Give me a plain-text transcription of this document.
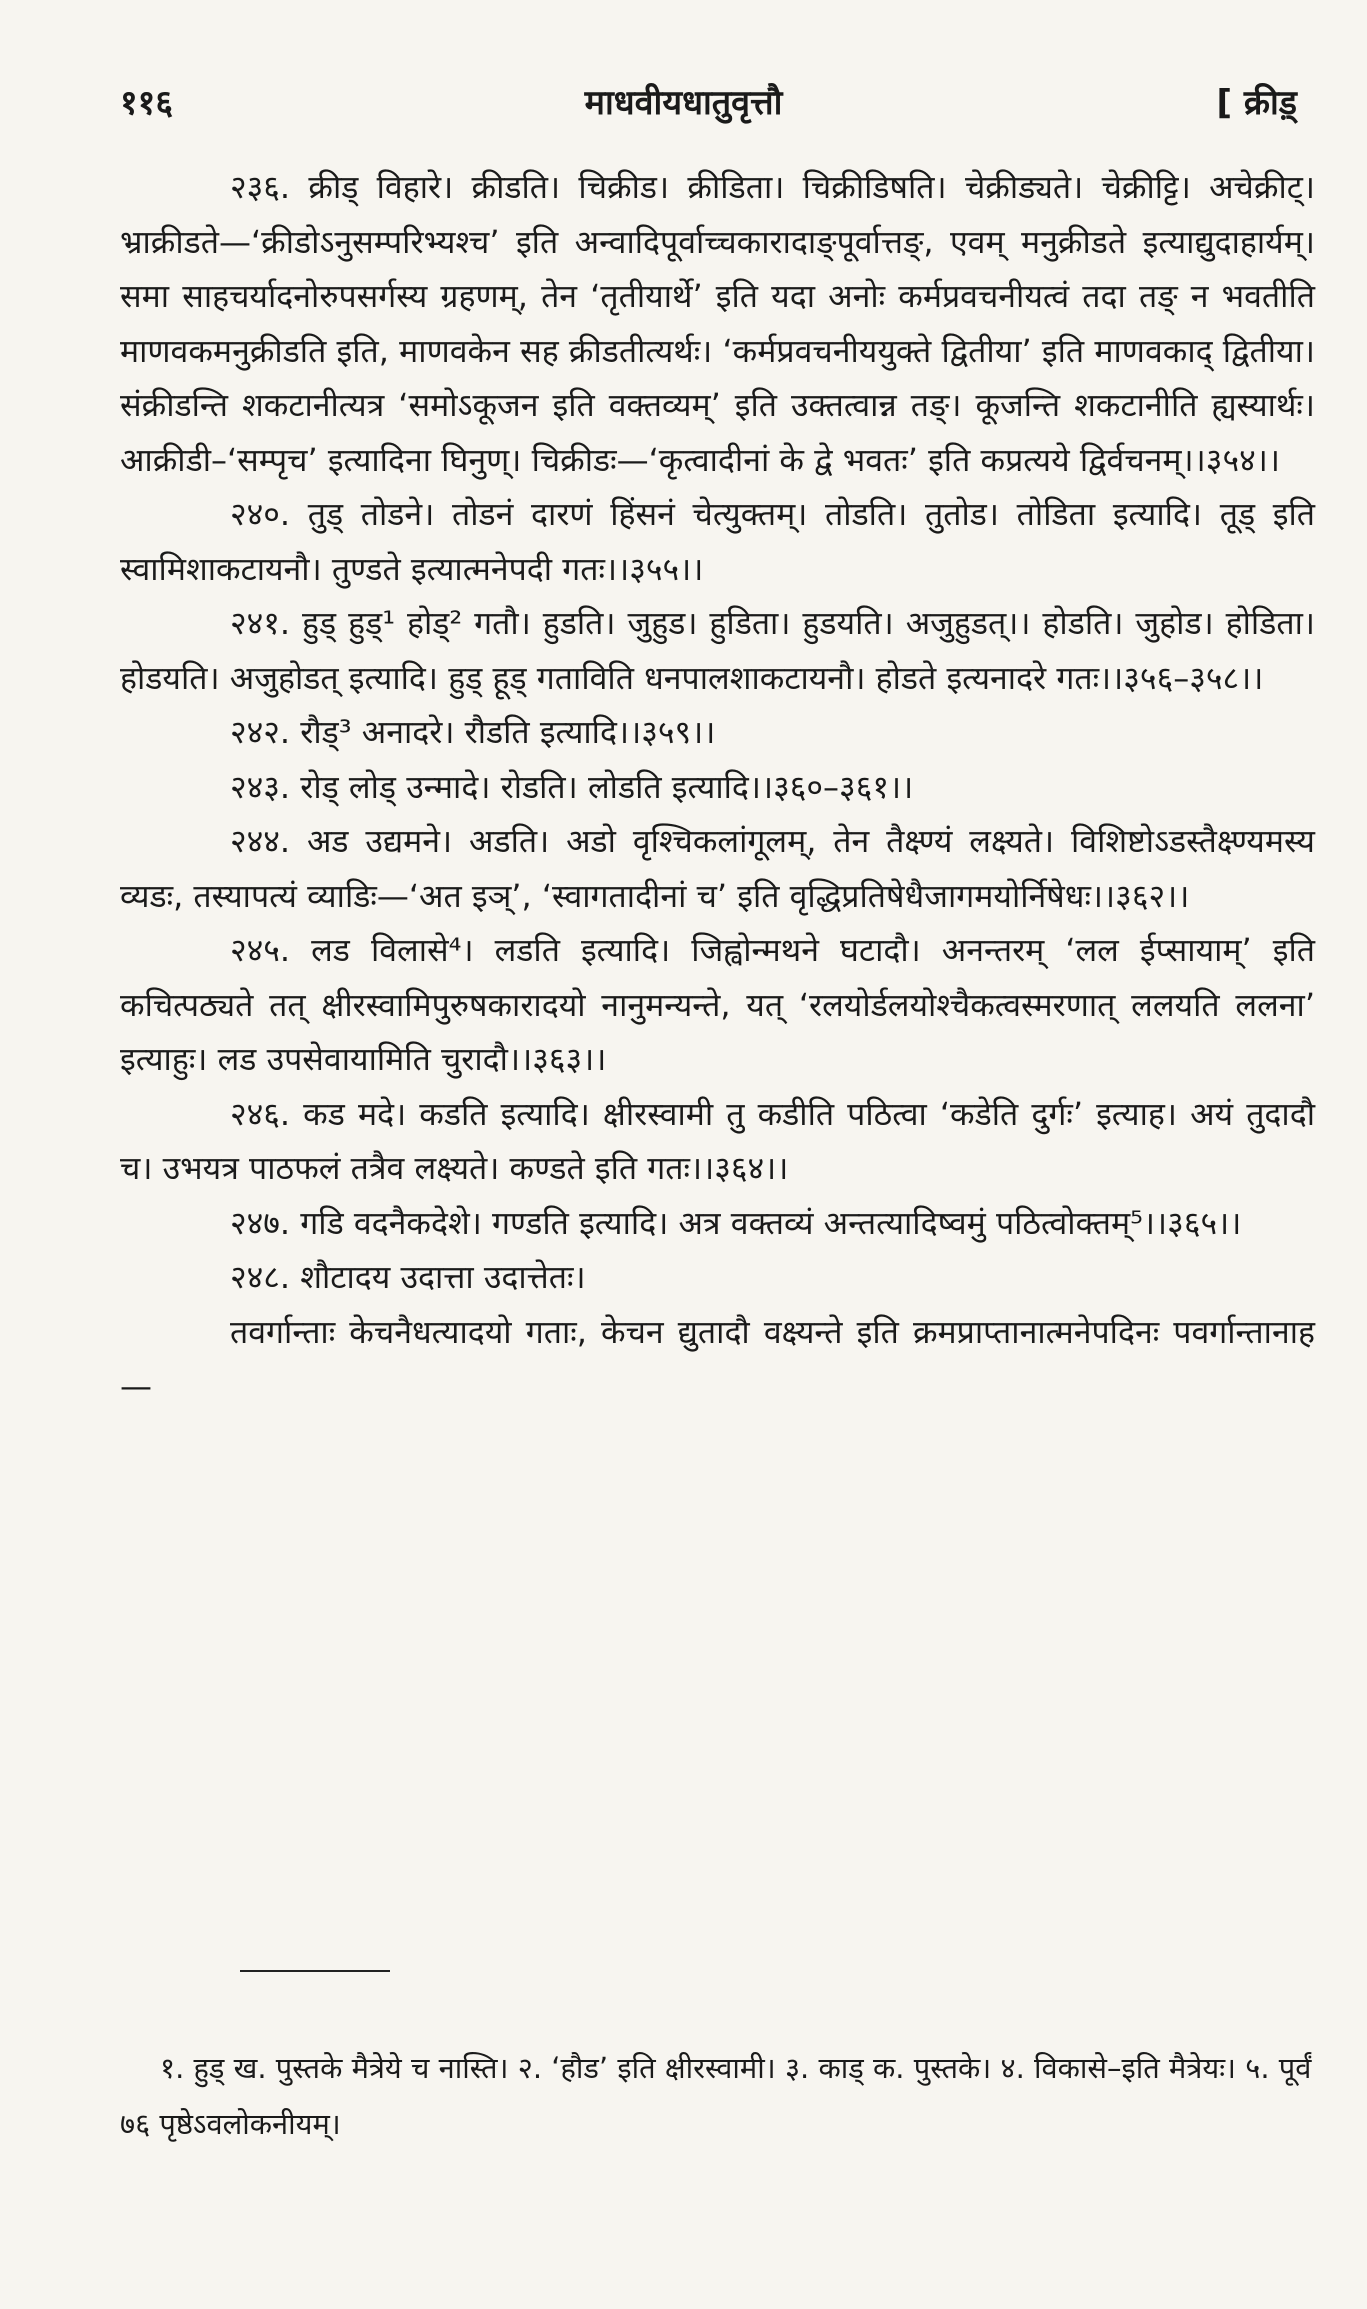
११६	माधवीयधातुवृत्तौ	[ क्रीड़्

२३६. क्रीड् विहारे। क्रीडति। चिक्रीड। क्रीडिता। चिक्रीडिषति। चेक्रीड्यते। चेक्रीट्टि। अचेक्रीट्। भ्राक्रीडते—‘क्रीडोऽनुसम्परिभ्यश्च’ इति अन्वादिपूर्वाच्चकारादाङ्पूर्वात्तङ्, एवम् मनुक्रीडते इत्याद्युदाहार्यम्। समा साहचर्यादनोरुपसर्गस्य ग्रहणम्, तेन ‘तृतीयार्थे’ इति यदा अनोः कर्मप्रवचनीयत्वं तदा तङ् न भवतीति माणवकमनुक्रीडति इति, माणवकेन सह क्रीडतीत्यर्थः। ‘कर्मप्रवचनीययुक्ते द्वितीया’ इति माणवकाद् द्वितीया। संक्रीडन्ति शकटानीत्यत्र ‘समोऽकूजन इति वक्तव्यम्’ इति उक्तत्वान्न तङ्। कूजन्ति शकटानीति ह्यस्यार्थः। आक्रीडी–‘सम्पृच’ इत्यादिना घिनुण्। चिक्रीडः—‘कृत्वादीनां के द्वे भवतः’ इति कप्रत्यये द्विर्वचनम्।।३५४।।

२४०. तुड् तोडने। तोडनं दारणं हिंसनं चेत्युक्तम्। तोडति। तुतोड। तोडिता इत्यादि। तूड् इति स्वामिशाकटायनौ। तुण्डते इत्यात्मनेपदी गतः।।३५५।।

२४१. हुड् हुड्¹ होड्² गतौ। हुडति। जुहुड। हुडिता। हुडयति। अजुहुडत्।। होडति। जुहोड। होडिता। होडयति। अजुहोडत् इत्यादि। हुड् हूड् गताविति धनपालशाकटायनौ। होडते इत्यनादरे गतः।।३५६–३५८।।

२४२. रौड्³ अनादरे। रौडति इत्यादि।।३५९।।

२४३. रोड् लोड् उन्मादे। रोडति। लोडति इत्यादि।।३६०–३६१।।

२४४. अड उद्यमने। अडति। अडो वृश्चिकलांगूलम्, तेन तैक्ष्ण्यं लक्ष्यते। विशिष्टोऽडस्तैक्ष्ण्यमस्य व्यडः, तस्यापत्यं व्याडिः—‘अत इञ्’, ‘स्वागतादीनां च’ इति वृद्धिप्रतिषेधैजागमयोर्निषेधः।।३६२।।

२४५. लड विलासे⁴। लडति इत्यादि। जिह्वोन्मथने घटादौ। अनन्तरम् ‘लल ईप्सायाम्’ इति कचित्पठ्यते तत् क्षीरस्वामिपुरुषकारादयो नानुमन्यन्ते, यत् ‘रलयोर्डलयोश्चैकत्वस्मरणात् ललयति ललना’ इत्याहुः। लड उपसेवायामिति चुरादौ।।३६३।।

२४६. कड मदे। कडति इत्यादि। क्षीरस्वामी तु कडीति पठित्वा ‘कडेति दुर्गः’ इत्याह। अयं तुदादौ च। उभयत्र पाठफलं तत्रैव लक्ष्यते। कण्डते इति गतः।।३६४।।

२४७. गडि वदनैकदेशे। गण्डति इत्यादि। अत्र वक्तव्यं अन्तत्यादिष्वमुं पठित्वोक्तम्⁵।।३६५।।

२४८. शौटादय उदात्ता उदात्तेतः।

तवर्गान्ताः केचनैधत्यादयो गताः, केचन द्युतादौ वक्ष्यन्ते इति क्रमप्राप्तानात्मनेपदिनः पवर्गान्तानाह—

१. हुड् ख. पुस्तके मैत्रेये च नास्ति। २. ‘हौड’ इति क्षीरस्वामी। ३. काड् क. पुस्तके। ४. विकासे–इति मैत्रेयः। ५. पूर्वं ७६ पृष्ठेऽवलोकनीयम्।
